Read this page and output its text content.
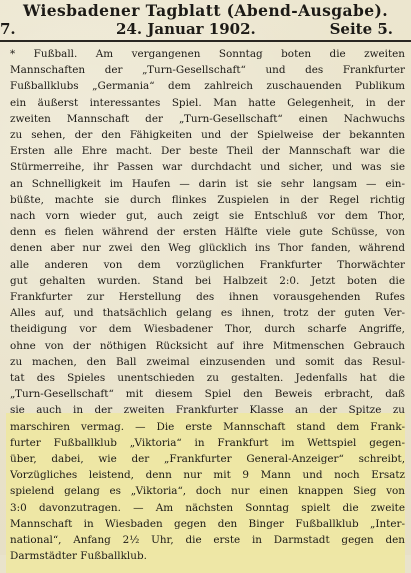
Wiesbadener Tagblatt (Abend-Ausgabe).
7.	24. Januar 1902.	Seite 5.
* Fußball. Am vergangenen Sonntag boten die zweiten
Mannschaften der „Turn-Gesellschaft“ und des Frankfurter
Fußballklubs „Germania“ dem zahlreich zuschauenden Publikum
ein äußerst interessantes Spiel. Man hatte Gelegenheit, in der
zweiten Mannschaft der „Turn-Gesellschaft“ einen Nachwuchs
zu sehen, der den Fähigkeiten und der Spielweise der bekannten
Ersten alle Ehre macht. Der beste Theil der Mannschaft war die
Stürmerreihe, ihr Passen war durchdacht und sicher, und was sie
an Schnelligkeit im Haufen — darin ist sie sehr langsam — ein-
büßte, machte sie durch flinkes Zuspielen in der Regel richtig
nach vorn wieder gut, auch zeigt sie Entschluß vor dem Thor,
denn es fielen während der ersten Hälfte viele gute Schüsse, von
denen aber nur zwei den Weg glücklich ins Thor fanden, während
alle anderen von dem vorzüglichen Frankfurter Thorwächter
gut gehalten wurden. Stand bei Halbzeit 2:0. Jetzt boten die
Frankfurter zur Herstellung des ihnen vorausgehenden Rufes
Alles auf, und thatsächlich gelang es ihnen, trotz der guten Ver-
theidigung vor dem Wiesbadener Thor, durch scharfe Angriffe,
ohne von der nöthigen Rücksicht auf ihre Mitmenschen Gebrauch
zu machen, den Ball zweimal einzusenden und somit das Resul-
tat des Spieles unentschieden zu gestalten. Jedenfalls hat die
„Turn-Gesellschaft“ mit diesem Spiel den Beweis erbracht, daß
sie auch in der zweiten Frankfurter Klasse an der Spitze zu
marschiren vermag. — Die erste Mannschaft stand dem Frank-
furter Fußballklub „Viktoria“ in Frankfurt im Wettspiel gegen-
über, dabei, wie der „Frankfurter General-Anzeiger“ schreibt,
Vorzügliches leistend, denn nur mit 9 Mann und noch Ersatz
spielend gelang es „Viktoria“, doch nur einen knappen Sieg von
3:0 davonzutragen. — Am nächsten Sonntag spielt die zweite
Mannschaft in Wiesbaden gegen den Binger Fußballklub „Inter-
national“, Anfang 2½ Uhr, die erste in Darmstadt gegen den
Darmstädter Fußballklub.
